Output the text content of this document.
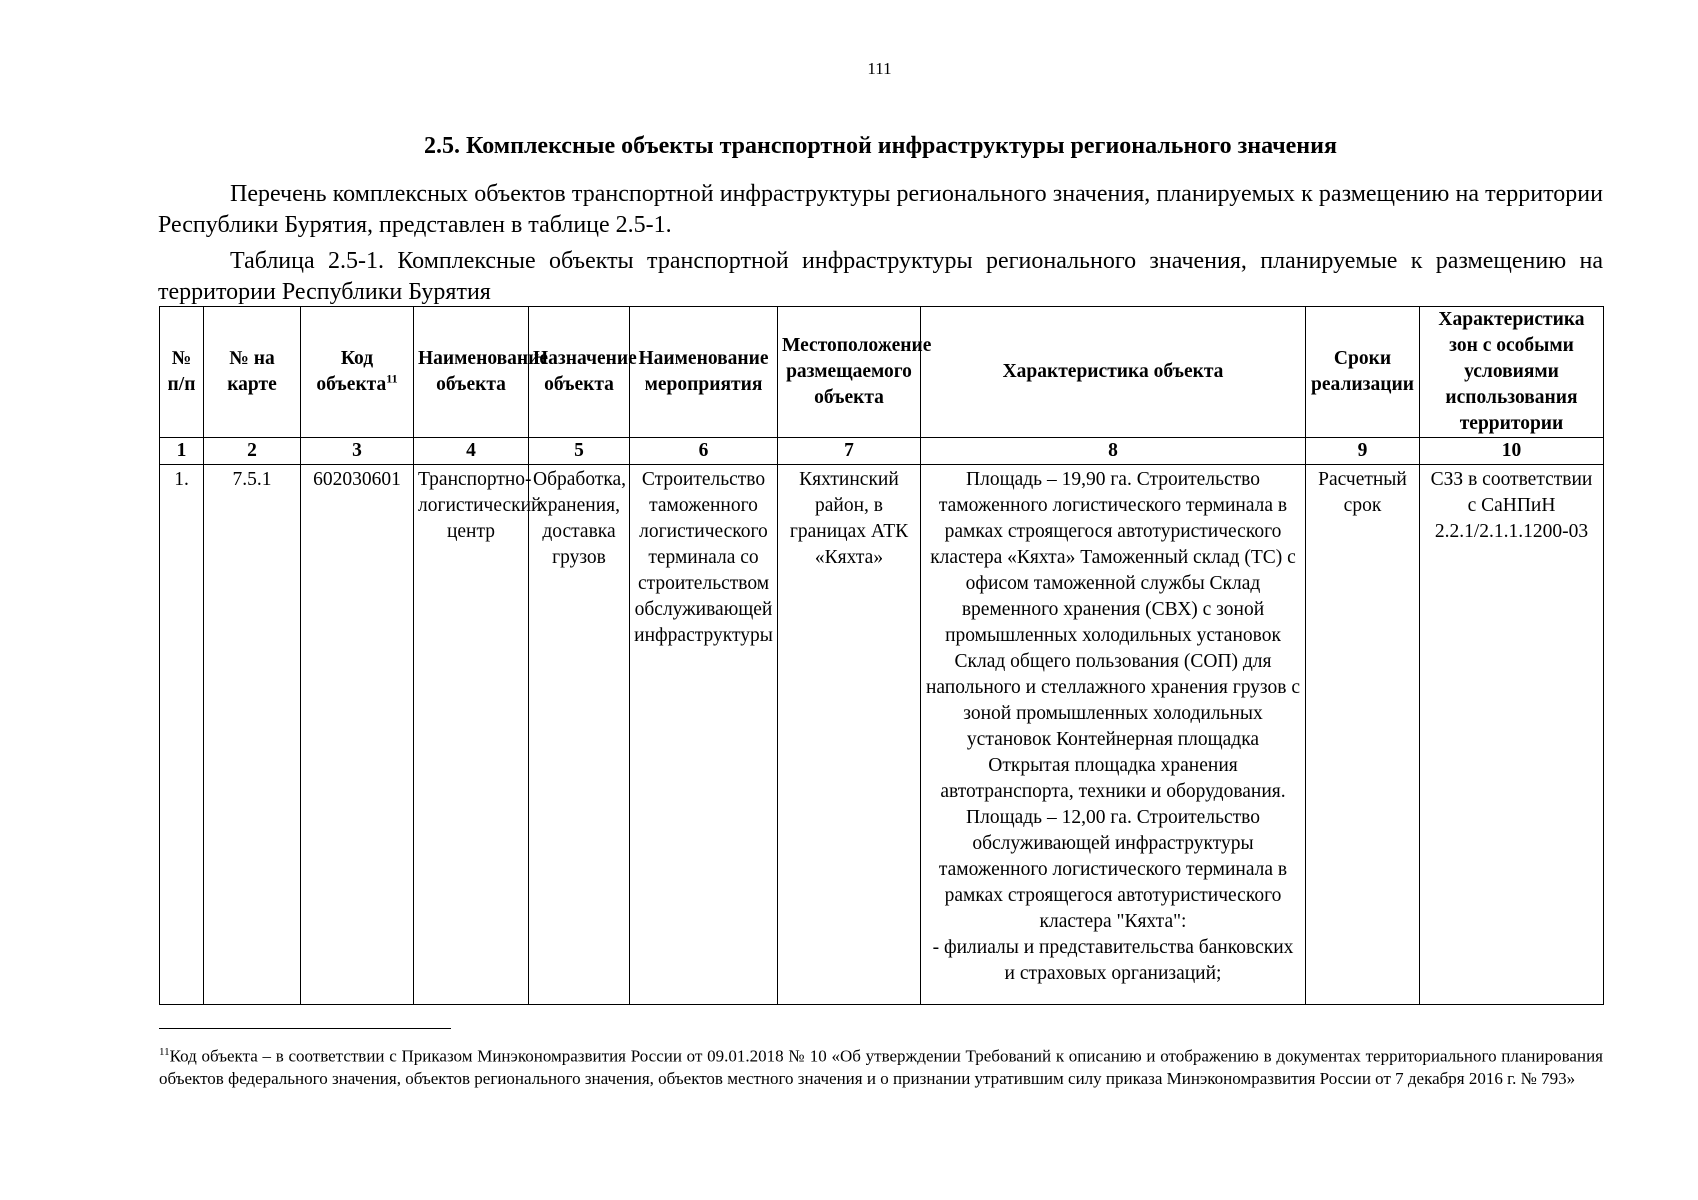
111
2.5. Комплексные объекты транспортной инфраструктуры регионального значения

Перечень комплексных объектов транспортной инфраструктуры регионального значения, планируемых к размещению на территории Республики Бурятия, представлен в таблице 2.5-1.

Таблица 2.5-1. Комплексные объекты транспортной инфраструктуры регионального значения, планируемые к размещению на территории Республики Бурятия

№ п/п	№ на карте	Код объекта$^{11}$	Наименование объекта	Назначение объекта	Наименование мероприятия	Местоположение размещаемого объекта	Характеристика объекта	Сроки реализации	Характеристика зон с особыми условиями использования территории
1	2	3	4	5	6	7	8	9	10
1.	7.5.1	602030601	Транспортно-логистический центр	Обработка, хранения, доставка грузов	Строительство таможенного логистического терминала со строительством обслуживающей инфраструктуры	Кяхтинский район, в границах АТК «Кяхта»	Площадь – 19,90 га. Строительство таможенного логистического терминала в рамках строящегося автотуристического кластера «Кяхта» Таможенный склад (ТС) с офисом таможенной службы Склад временного хранения (СВХ) с зоной промышленных холодильных установок Склад общего пользования (СОП) для напольного и стеллажного хранения грузов с зоной промышленных холодильных установок Контейнерная площадка Открытая площадка хранения автотранспорта, техники и оборудования.
Площадь – 12,00 га. Строительство обслуживающей инфраструктуры таможенного логистического терминала в рамках строящегося автотуристического кластера "Кяхта":
- филиалы и представительства банковских и страховых организаций;	Расчетный срок	СЗЗ в соответствии с СаНПиН 2.2.1/2.1.1.1200-03

$^{11}$Код объекта – в соответствии с Приказом Минэкономразвития России от 09.01.2018 № 10 «Об утверждении Требований к описанию и отображению в документах территориального планирования объектов федерального значения, объектов регионального значения, объектов местного значения и о признании утратившим силу приказа Минэкономразвития России от 7 декабря 2016 г. № 793»
